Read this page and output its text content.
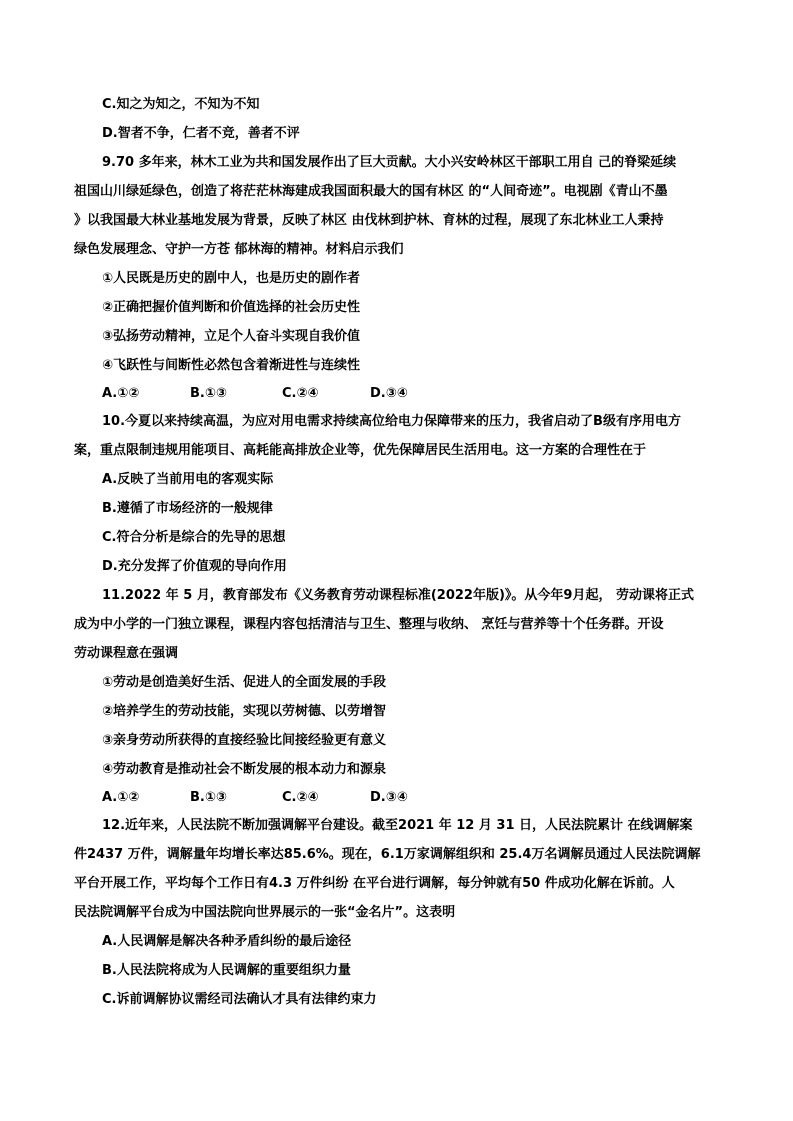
C.知之为知之，不知为不知
D.智者不争，仁者不竞，善者不评
9.70 多年来，林木工业为共和国发展作出了巨大贡献。大小兴安岭林区干部职工用自 己的脊梁延续
祖国山川绿延绿色，创造了将茫茫林海建成我国面积最大的国有林区 的“人间奇迹”。电视剧《青山不墨
》以我国最大林业基地发展为背景，反映了林区 由伐林到护林、育林的过程，展现了东北林业工人秉持
绿色发展理念、守护一方苍 郁林海的精神。材料启示我们
①人民既是历史的剧中人，也是历史的剧作者
②正确把握价值判断和价值选择的社会历史性
③弘扬劳动精神，立足个人奋斗实现自我价值
④飞跃性与间断性必然包含着渐进性与连续性
A.①②	B.①③	C.②④	D.③④
10.今夏以来持续高温，为应对用电需求持续高位给电力保障带来的压力，我省启动了B级有序用电方
案，重点限制违规用能项目、高耗能高排放企业等，优先保障居民生活用电。这一方案的合理性在于
A.反映了当前用电的客观实际
B.遵循了市场经济的一般规律
C.符合分析是综合的先导的思想
D.充分发挥了价值观的导向作用
11.2022 年 5 月，教育部发布《义务教育劳动课程标准(2022年版)》。从今年9月起， 劳动课将正式
成为中小学的一门独立课程，课程内容包括清洁与卫生、整理与收纳、 烹饪与营养等十个任务群。开设
劳动课程意在强调
①劳动是创造美好生活、促进人的全面发展的手段
②培养学生的劳动技能，实现以劳树德、以劳增智
③亲身劳动所获得的直接经验比间接经验更有意义
④劳动教育是推动社会不断发展的根本动力和源泉
A.①②	B.①③	C.②④	D.③④
12.近年来，人民法院不断加强调解平台建设。截至2021 年 12 月 31 日，人民法院累计 在线调解案
件2437 万件，调解量年均增长率达85.6%。现在，6.1万家调解组织和 25.4万名调解员通过人民法院调解
平台开展工作，平均每个工作日有4.3 万件纠纷 在平台进行调解，每分钟就有50 件成功化解在诉前。人
民法院调解平台成为中国法院向世界展示的一张“金名片”。这表明
A.人民调解是解决各种矛盾纠纷的最后途径
B.人民法院将成为人民调解的重要组织力量
C.诉前调解协议需经司法确认才具有法律约束力
